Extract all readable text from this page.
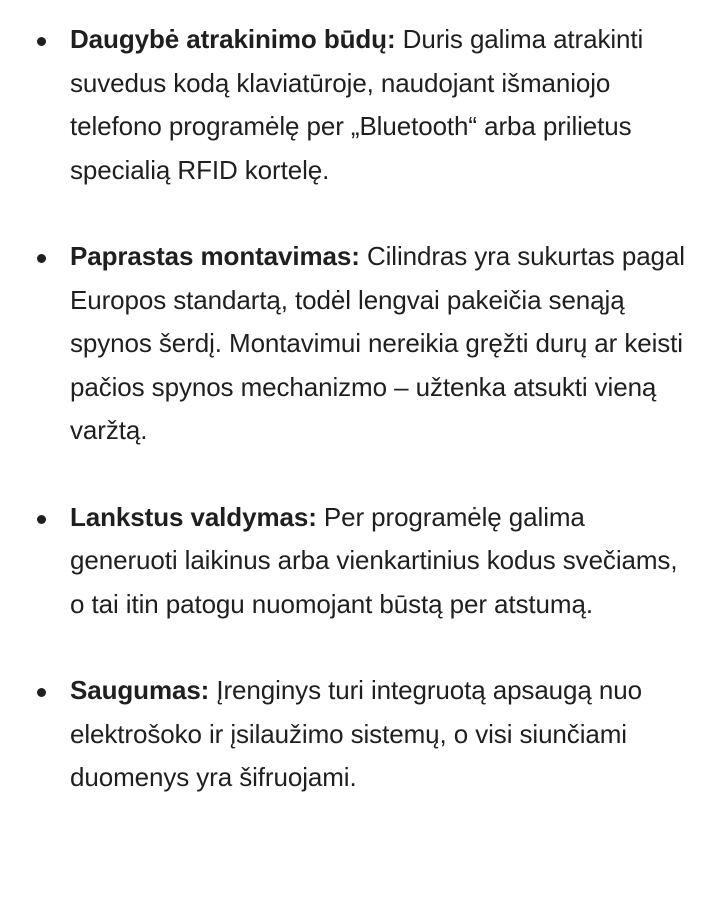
Daugybė atrakinimo būdų: Duris galima atrakinti suvedus kodą klaviatūroje, naudojant išmaniojo telefono programėlę per „Bluetooth“ arba prilietus specialią RFID kortelę.
Paprastas montavimas: Cilindras yra sukurtas pagal Europos standartą, todėl lengvai pakeičia senąją spynos šerdį. Montavimui nereikia gręžti durų ar keisti pačios spynos mechanizmo – užtenka atsukti vieną varžtą.
Lankstus valdymas: Per programėlę galima generuoti laikinus arba vienkartinius kodus svečiams, o tai itin patogu nuomojant būstą per atstumą.
Saugumas: Įrenginys turi integruotą apsaugą nuo elektrošoko ir įsilaužimo sistemų, o visi siunčiami duomenys yra šifruojami.
